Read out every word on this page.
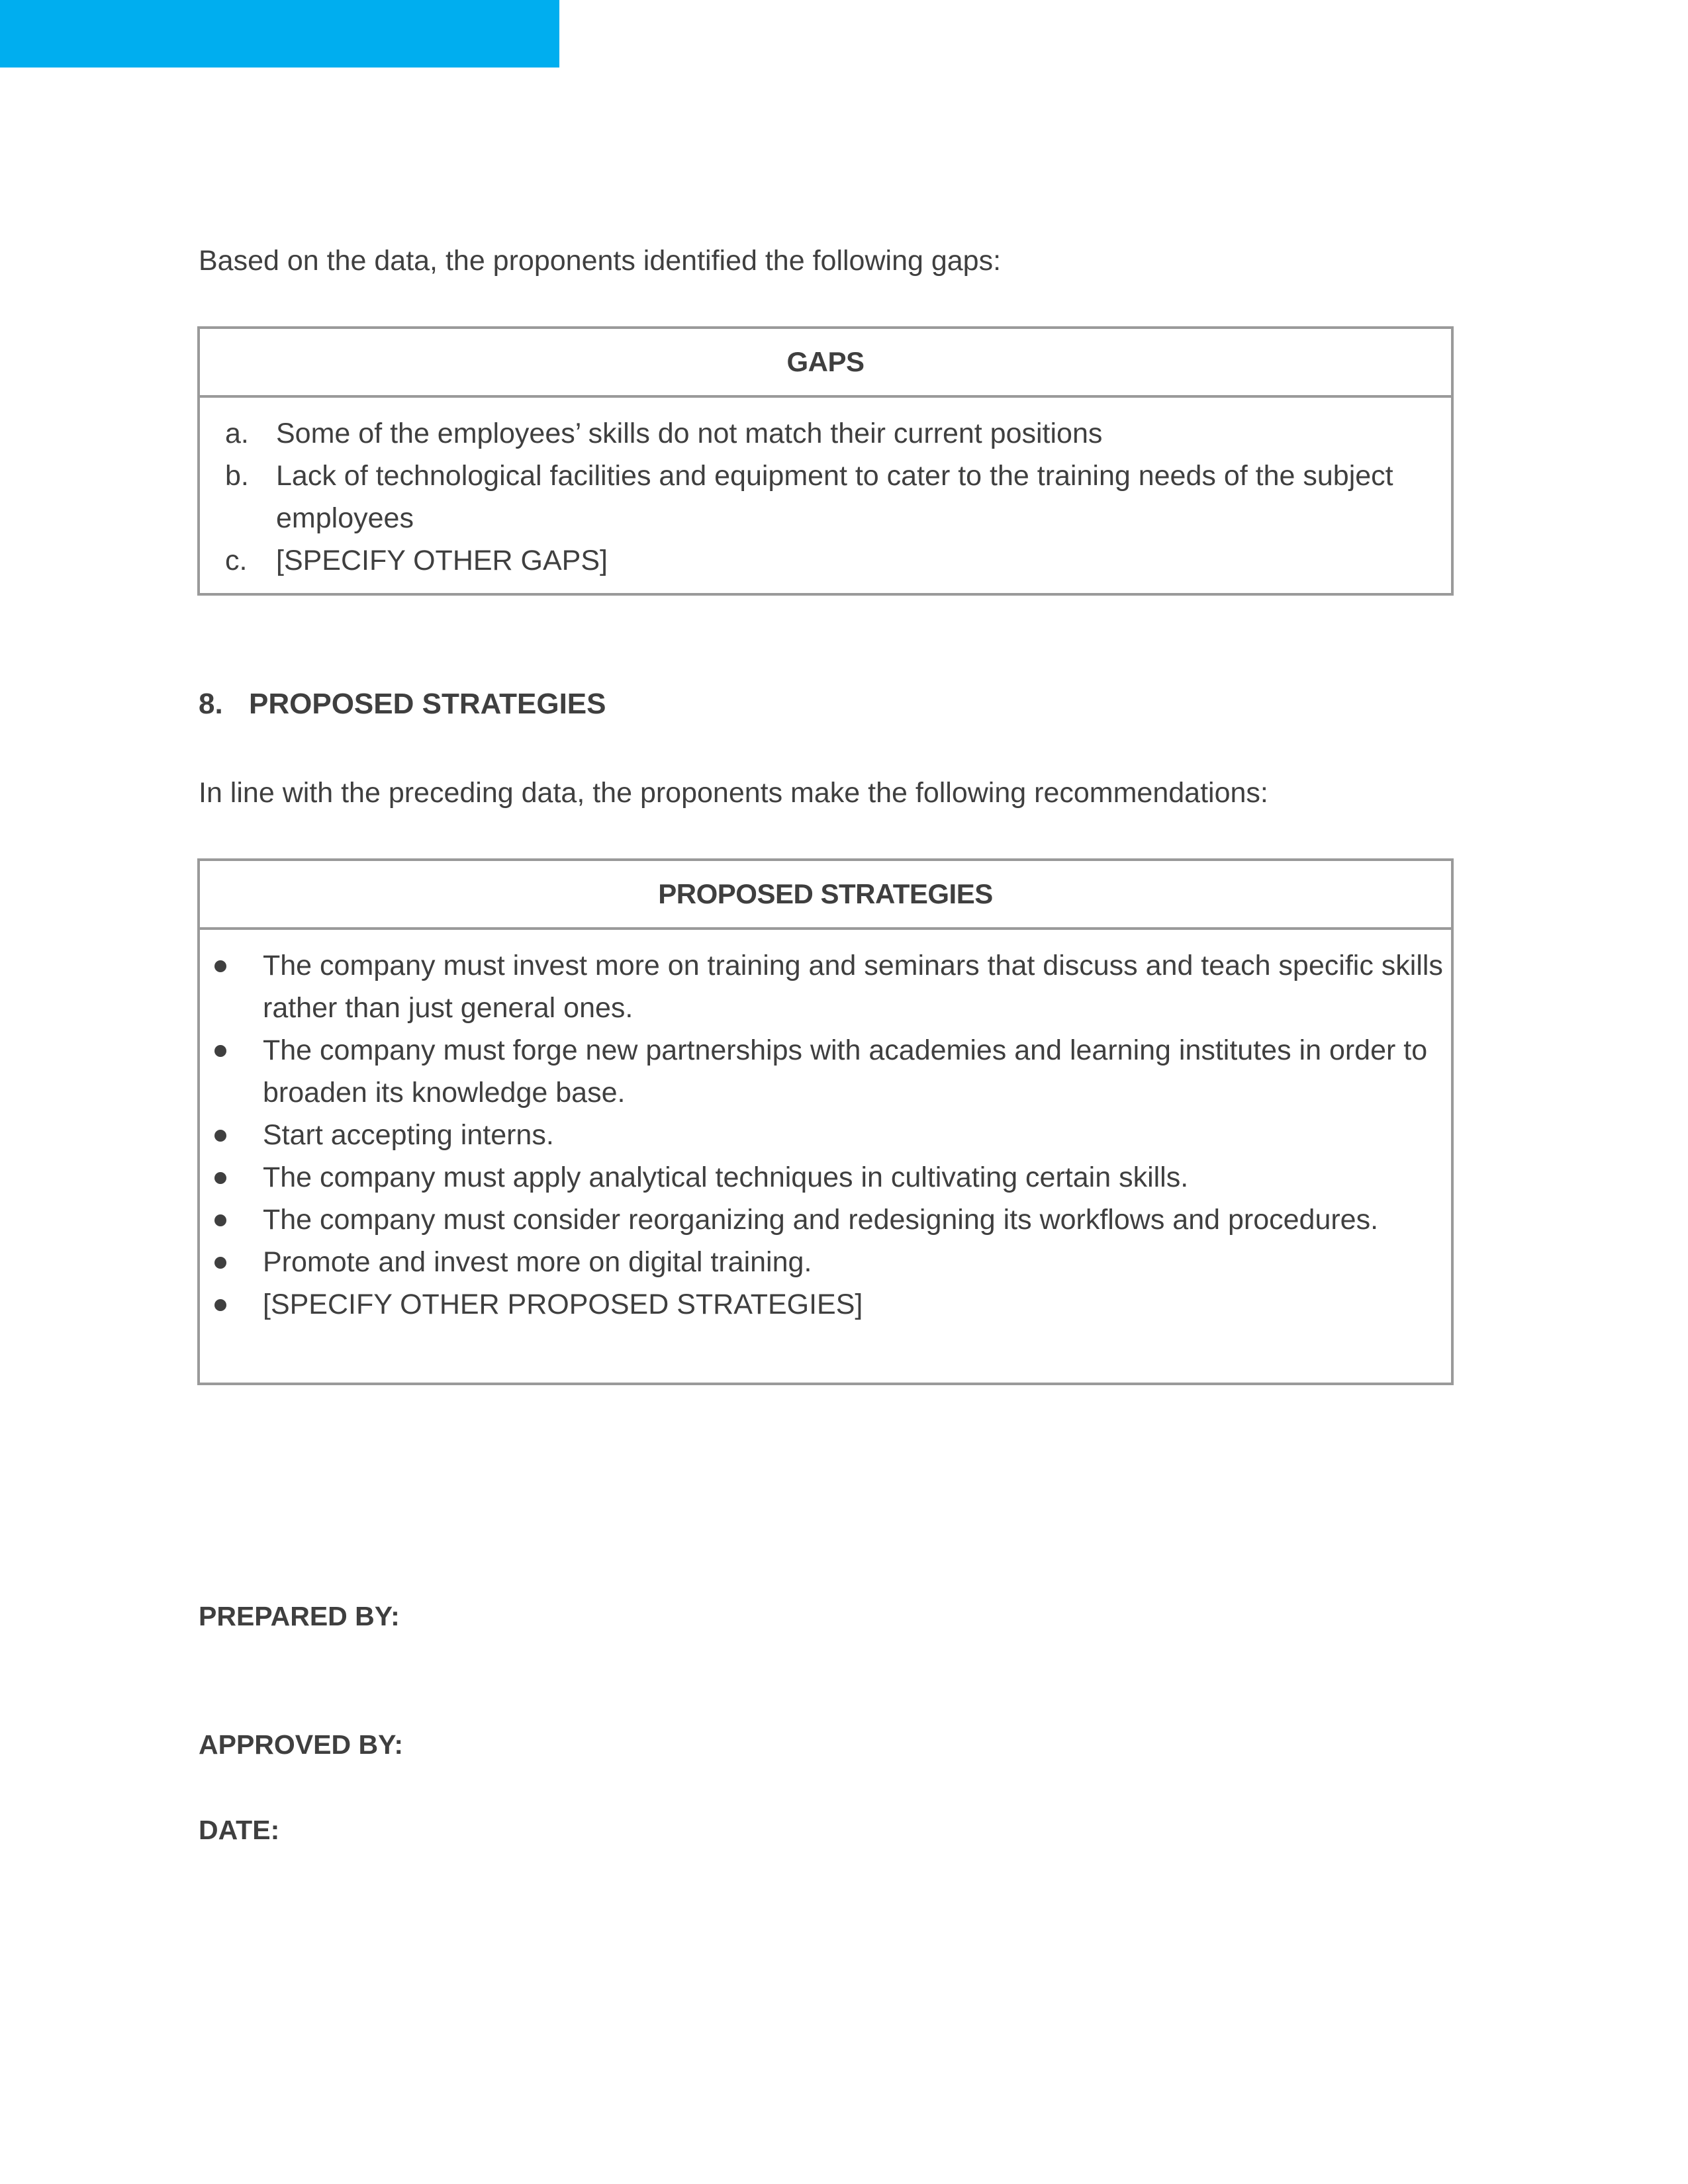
Based on the data, the proponents identified the following gaps:

GAPS
a. Some of the employees’ skills do not match their current positions
b. Lack of technological facilities and equipment to cater to the training needs of the subject employees
c. [SPECIFY OTHER GAPS]

8. PROPOSED STRATEGIES

In line with the preceding data, the proponents make the following recommendations:

PROPOSED STRATEGIES
The company must invest more on training and seminars that discuss and teach specific skills rather than just general ones.
The company must forge new partnerships with academies and learning institutes in order to broaden its knowledge base.
Start accepting interns.
The company must apply analytical techniques in cultivating certain skills.
The company must consider reorganizing and redesigning its workflows and procedures.
Promote and invest more on digital training.
[SPECIFY OTHER PROPOSED STRATEGIES]

PREPARED BY:

APPROVED BY:

DATE:
